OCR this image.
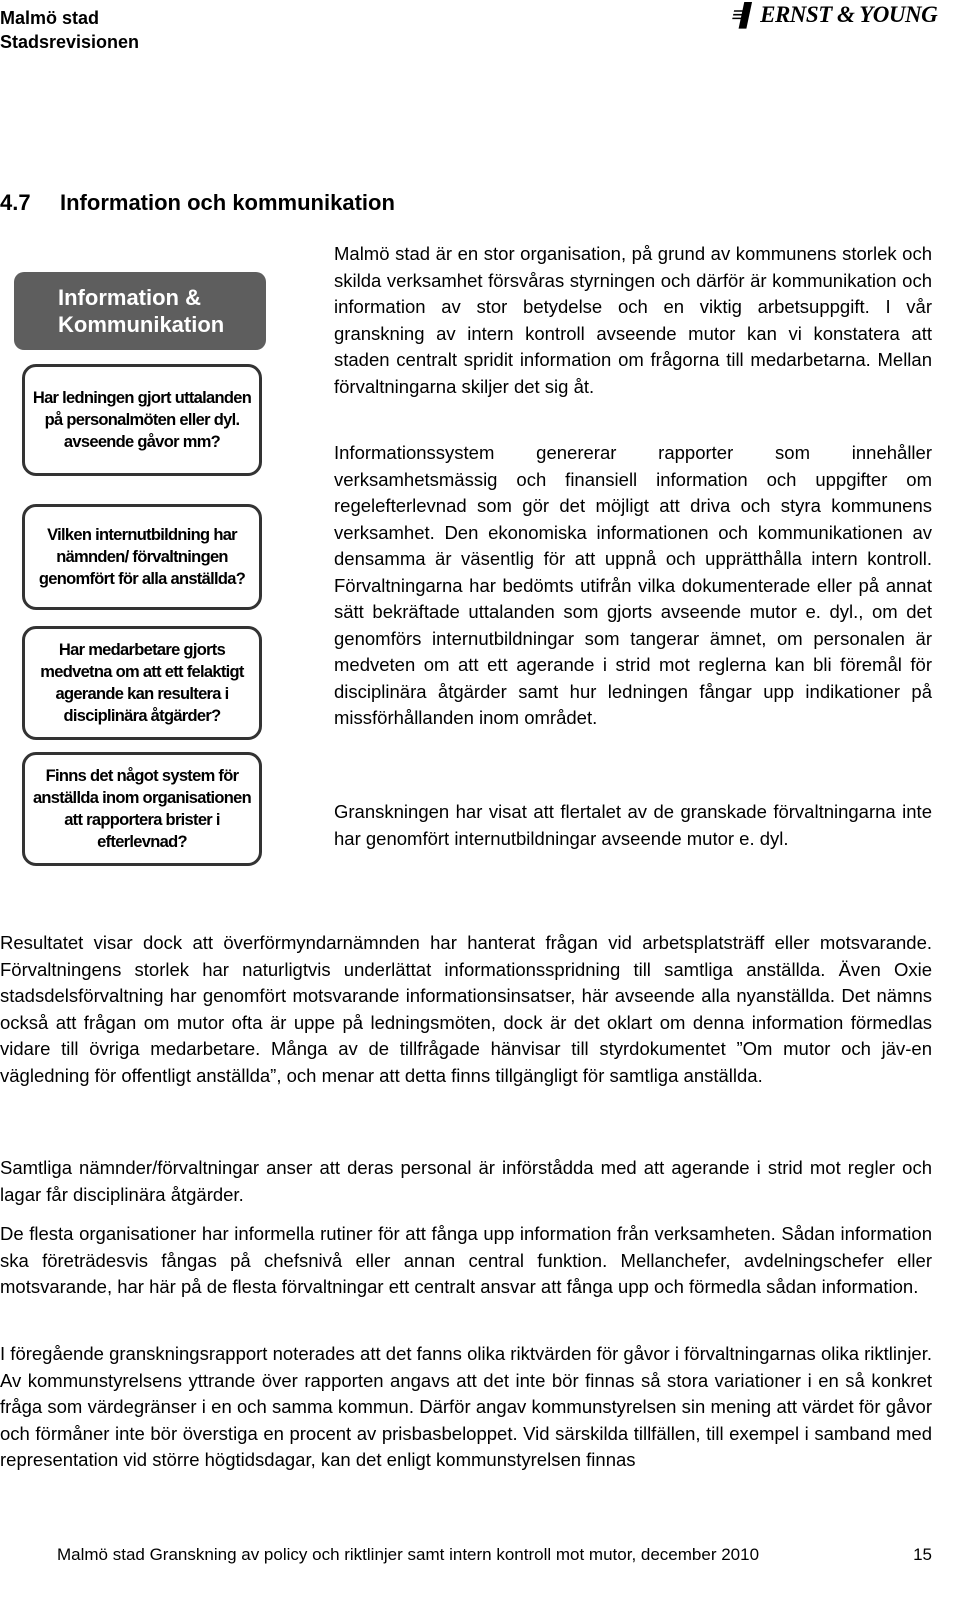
Malmö stad
Stadsrevisionen
≡▌ ERNST & YOUNG
4.7	Information och kommunikation
Information &
Kommunikation
Har ledningen gjort uttalanden på personalmöten eller dyl. avseende gåvor mm?
Vilken internutbildning har nämnden/ förvaltningen genomfört för alla anställda?
Har medarbetare gjorts medvetna om att ett felaktigt agerande kan resultera i disciplinära åtgärder?
Finns det något system för anställda inom organisationen att rapportera brister i efterlevnad?

Malmö stad är en stor organisation, på grund av kommunens storlek och skilda verksamhet försvåras styrningen och därför är kommunikation och information av stor betydelse och en viktig arbetsuppgift. I vår granskning av intern kontroll avseende mutor kan vi konstatera att staden centralt spridit information om frågorna till medarbetarna. Mellan förvaltningarna skiljer det sig åt.

Informationssystem genererar rapporter som innehåller verksamhetsmässig och finansiell information och uppgifter om regelefterlevnad som gör det möjligt att driva och styra kommunens verksamhet. Den ekonomiska informationen och kommunikationen av densamma är väsentlig för att uppnå och upprätthålla intern kontroll. Förvaltningarna har bedömts utifrån vilka dokumenterade eller på annat sätt bekräftade uttalanden som gjorts avseende mutor e. dyl., om det genomförs internutbildningar som tangerar ämnet, om personalen är medveten om att ett agerande i strid mot reglerna kan bli föremål för disciplinära åtgärder samt hur ledningen fångar upp indikationer på missförhållanden inom området.

Granskningen har visat att flertalet av de granskade förvaltningarna inte har genomfört internutbildningar avseende mutor e. dyl.

Resultatet visar dock att överförmyndarnämnden har hanterat frågan vid arbetsplatsträff eller motsvarande. Förvaltningens storlek har naturligtvis underlättat informationsspridning till samtliga anställda. Även Oxie stadsdelsförvaltning har genomfört motsvarande informationsinsatser, här avseende alla nyanställda. Det nämns också att frågan om mutor ofta är uppe på ledningsmöten, dock är det oklart om denna information förmedlas vidare till övriga medarbetare. Många av de tillfrågade hänvisar till styrdokumentet ”Om mutor och jäv-en vägledning för offentligt anställda”, och menar att detta finns tillgängligt för samtliga anställda.

Samtliga nämnder/förvaltningar anser att deras personal är införstådda med att agerande i strid mot regler och lagar får disciplinära åtgärder.

De flesta organisationer har informella rutiner för att fånga upp information från verksamheten. Sådan information ska företrädesvis fångas på chefsnivå eller annan central funktion. Mellanchefer, avdelningschefer eller motsvarande, har här på de flesta förvaltningar ett centralt ansvar att fånga upp och förmedla sådan information.

I föregående granskningsrapport noterades att det fanns olika riktvärden för gåvor i förvaltningarnas olika riktlinjer. Av kommunstyrelsens yttrande över rapporten angavs att det inte bör finnas så stora variationer i en så konkret fråga som värdegränser i en och samma kommun. Därför angav kommunstyrelsen sin mening att värdet för gåvor och förmåner inte bör överstiga en procent av prisbasbeloppet. Vid särskilda tillfällen, till exempel i samband med representation vid större högtidsdagar, kan det enligt kommunstyrelsen finnas

Malmö stad Granskning av policy och riktlinjer samt intern kontroll mot mutor, december 2010	15
